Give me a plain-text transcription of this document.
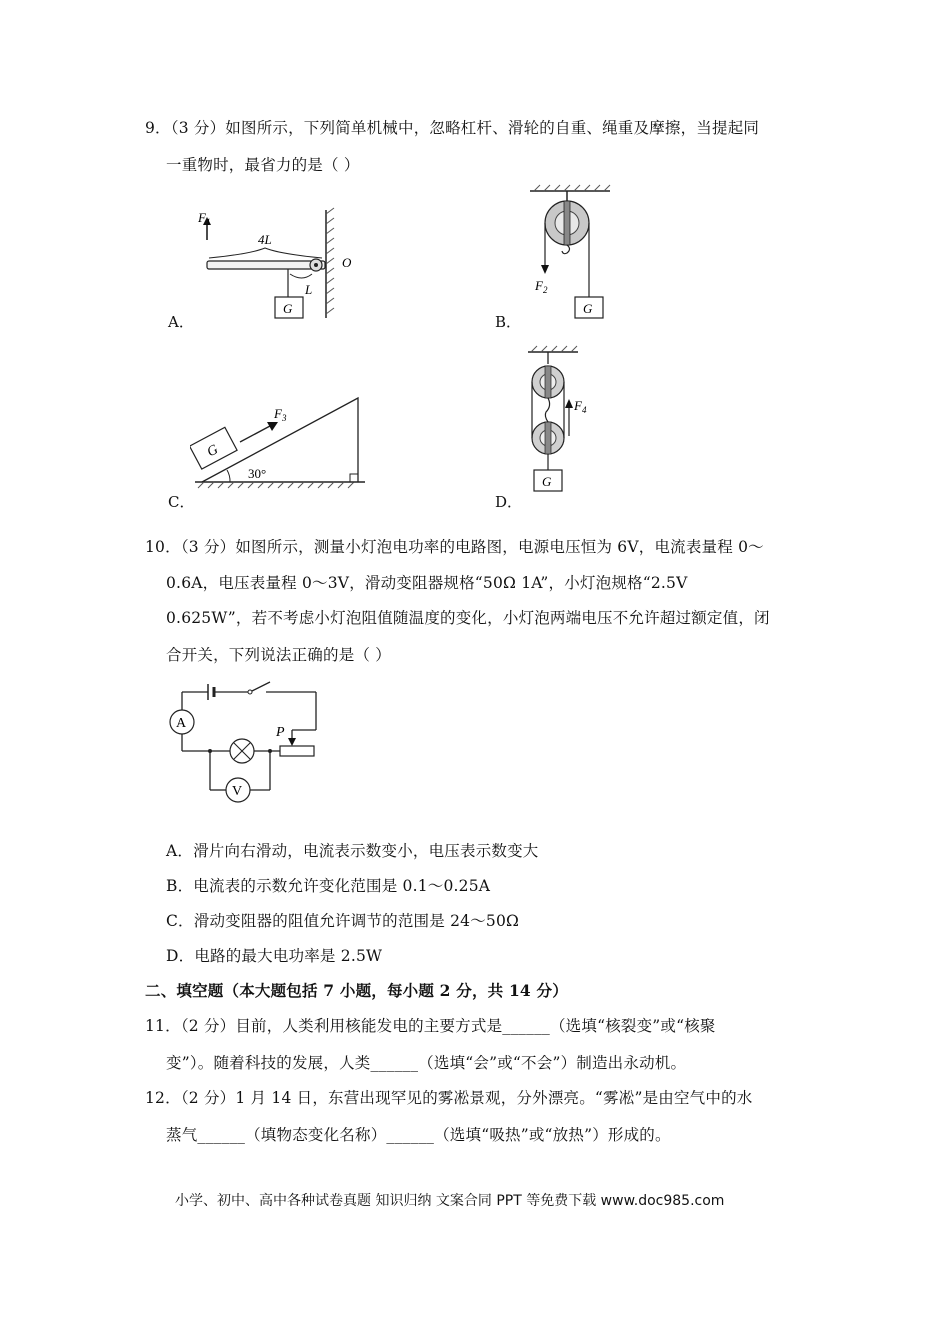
9．（3 分）如图所示，下列简单机械中，忽略杠杆、滑轮的自重、绳重及摩擦，当提起同
一重物时，最省力的是（ ）
$F_1$
4L
O
L
G
A．
$F_2$
G
B．
G
$F_3$
30°
C．
$F_4$
G
D．
10．（3 分）如图所示，测量小灯泡电功率的电路图，电源电压恒为 6V，电流表量程 0～
0.6A，电压表量程 0～3V，滑动变阻器规格“50Ω 1A”，小灯泡规格“2.5V
0.625W”，若不考虑小灯泡阻值随温度的变化，小灯泡两端电压不允许超过额定值，闭
合开关，下列说法正确的是（ ）
P
A
V
A．滑片向右滑动，电流表示数变小，电压表示数变大
B．电流表的示数允许变化范围是 0.1～0.25A
C．滑动变阻器的阻值允许调节的范围是 24～50Ω
D．电路的最大电功率是 2.5W
二、填空题（本大题包括 7 小题，每小题 2 分，共 14 分）
11．（2 分）目前，人类利用核能发电的主要方式是______（选填“核裂变”或“核聚
变”）。随着科技的发展，人类______（选填“会”或“不会”）制造出永动机。
12．（2 分）1 月 14 日，东营出现罕见的雾凇景观，分外漂亮。“雾凇”是由空气中的水
蒸气______（填物态变化名称）______（选填“吸热”或“放热”）形成的。
小学、初中、高中各种试卷真题 知识归纳 文案合同 PPT 等免费下载 www.doc985.com
